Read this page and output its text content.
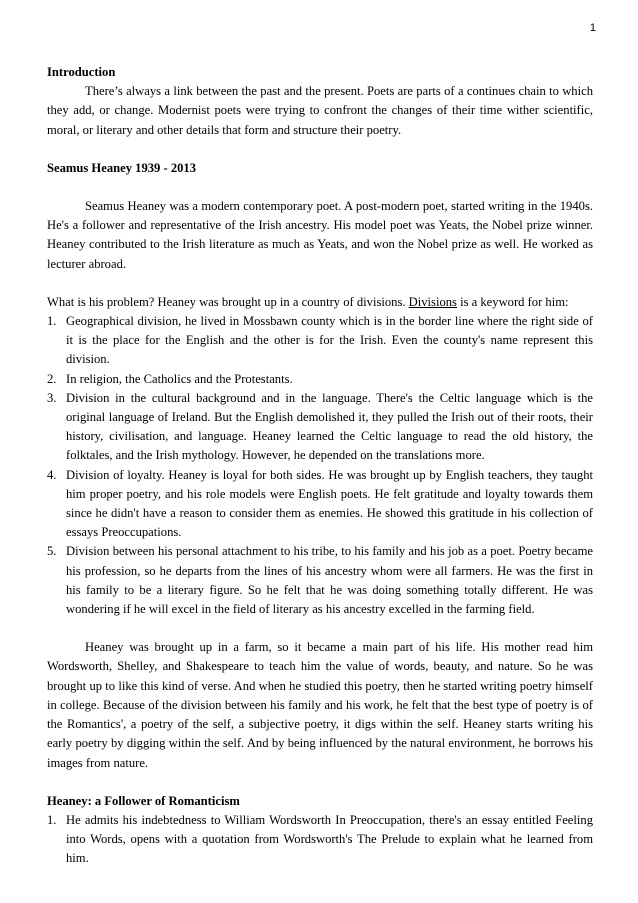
1

Introduction

There’s always a link between the past and the present. Poets are parts of a continues chain to which they add, or change. Modernist poets were trying to confront the changes of their time wither scientific, moral, or literary and other details that form and structure their poetry.

Seamus Heaney 1939 - 2013

Seamus Heaney was a modern contemporary poet. A post-modern poet, started writing in the 1940s. He's a follower and representative of the Irish ancestry. His model poet was Yeats, the Nobel prize winner. Heaney contributed to the Irish literature as much as Yeats, and won the Nobel prize as well. He worked as lecturer abroad.

What is his problem? Heaney was brought up in a country of divisions. Divisions is a keyword for him:

1. Geographical division, he lived in Mossbawn county which is in the border line where the right side of it is the place for the English and the other is for the Irish. Even the county's name represent this division.
2. In religion, the Catholics and the Protestants.
3. Division in the cultural background and in the language. There's the Celtic language which is the original language of Ireland. But the English demolished it, they pulled the Irish out of their roots, their history, civilisation, and language. Heaney learned the Celtic language to read the old history, the folktales, and the Irish mythology. However, he depended on the translations more.
4. Division of loyalty. Heaney is loyal for both sides. He was brought up by English teachers, they taught him proper poetry, and his role models were English poets. He felt gratitude and loyalty towards them since he didn't have a reason to consider them as enemies. He showed this gratitude in his collection of essays Preoccupations.
5. Division between his personal attachment to his tribe, to his family and his job as a poet. Poetry became his profession, so he departs from the lines of his ancestry whom were all farmers. He was the first in his family to be a literary figure. So he felt that he was doing something totally different. He was wondering if he will excel in the field of literary as his ancestry excelled in the farming field.

Heaney was brought up in a farm, so it became a main part of his life. His mother read him Wordsworth, Shelley, and Shakespeare to teach him the value of words, beauty, and nature. So he was brought up to like this kind of verse. And when he studied this poetry, then he started writing poetry himself in college. Because of the division between his family and his work, he felt that the best type of poetry is of the Romantics', a poetry of the self, a subjective poetry, it digs within the self. Heaney starts writing his early poetry by digging within the self. And by being influenced by the natural environment, he borrows his images from nature.

Heaney: a Follower of Romanticism

1. He admits his indebtedness to William Wordsworth In Preoccupation, there's an essay entitled Feeling into Words, opens with a quotation from Wordsworth's The Prelude to explain what he learned from him.
